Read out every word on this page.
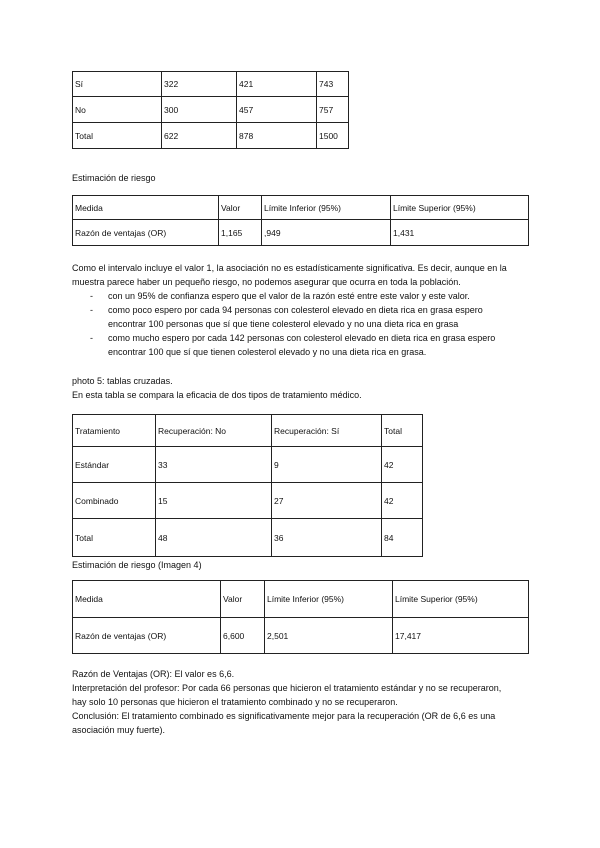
Sí	322	421	743
No	300	457	757
Total	622	878	1500
Estimación de riesgo
Medida	Valor	Límite Inferior (95%)	Límite Superior (95%)
Razón de ventajas (OR)	1,165	,949	1,431
Como el intervalo incluye el valor 1, la asociación no es estadísticamente significativa. Es decir, aunque en la
muestra parece haber un pequeño riesgo, no podemos asegurar que ocurra en toda la población.
- con un 95% de confianza espero que el valor de la razón esté entre este valor y este valor.
- como poco espero por cada 94 personas con colesterol elevado en dieta rica en grasa espero
encontrar 100 personas que sí que tiene colesterol elevado y no una dieta rica en grasa
- como mucho espero por cada 142 personas con colesterol elevado en dieta rica en grasa espero
encontrar 100 que sí que tienen colesterol elevado y no una dieta rica en grasa.
photo 5: tablas cruzadas.
En esta tabla se compara la eficacia de dos tipos de tratamiento médico.
Tratamiento	Recuperación: No	Recuperación: Sí	Total
Estándar	33	9	42
Combinado	15	27	42
Total	48	36	84
Estimación de riesgo (Imagen 4)
Medida	Valor	Límite Inferior (95%)	Límite Superior (95%)
Razón de ventajas (OR)	6,600	2,501	17,417
Razón de Ventajas (OR): El valor es 6,6.
Interpretación del profesor: Por cada 66 personas que hicieron el tratamiento estándar y no se recuperaron,
hay solo 10 personas que hicieron el tratamiento combinado y no se recuperaron.
Conclusión: El tratamiento combinado es significativamente mejor para la recuperación (OR de 6,6 es una
asociación muy fuerte).
